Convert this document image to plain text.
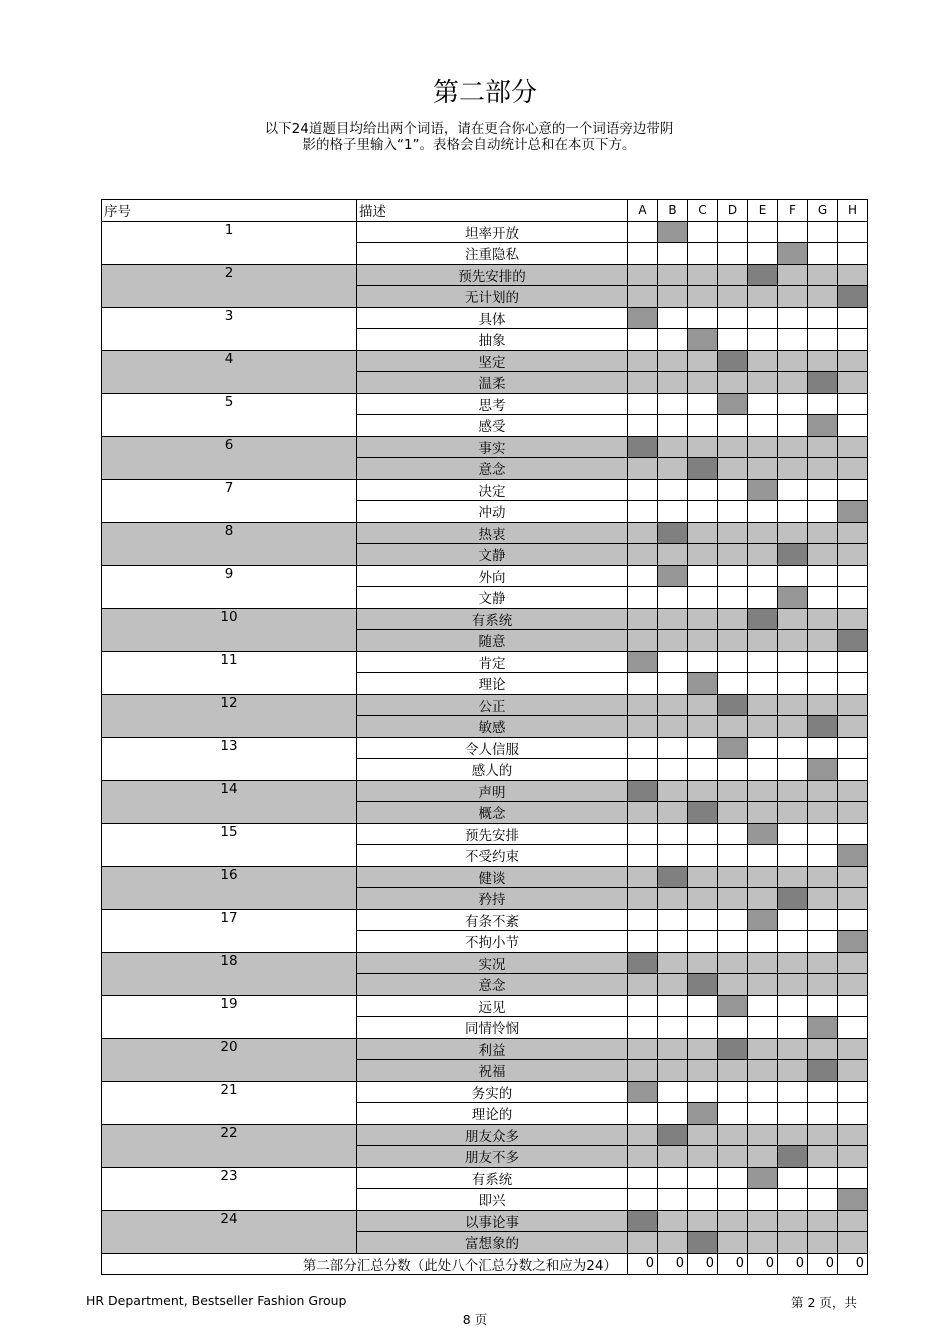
第二部分
以下24道题目均给出两个词语，请在更合你心意的一个词语旁边带阴
影的格子里输入“1”。表格会自动统计总和在本页下方。
序号	描述	A	B	C	D	E	F	G	H
1	坦率开放								
	注重隐私								
2	预先安排的								
	无计划的								
3	具体								
	抽象								
4	坚定								
	温柔								
5	思考								
	感受								
6	事实								
	意念								
7	决定								
	冲动								
8	热衷								
	文静								
9	外向								
	文静								
10	有系统								
	随意								
11	肯定								
	理论								
12	公正								
	敏感								
13	令人信服								
	感人的								
14	声明								
	概念								
15	预先安排								
	不受约束								
16	健谈								
	矜持								
17	有条不紊								
	不拘小节								
18	实况								
	意念								
19	远见								
	同情怜悯								
20	利益								
	祝福								
21	务实的								
	理论的								
22	朋友众多								
	朋友不多								
23	有系统								
	即兴								
24	以事论事								
	富想象的								
第二部分汇总分数（此处八个汇总分数之和应为24）		0	0	0	0	0	0	0	0
HR Department, Bestseller Fashion Group	第 2 页，共
8 页
